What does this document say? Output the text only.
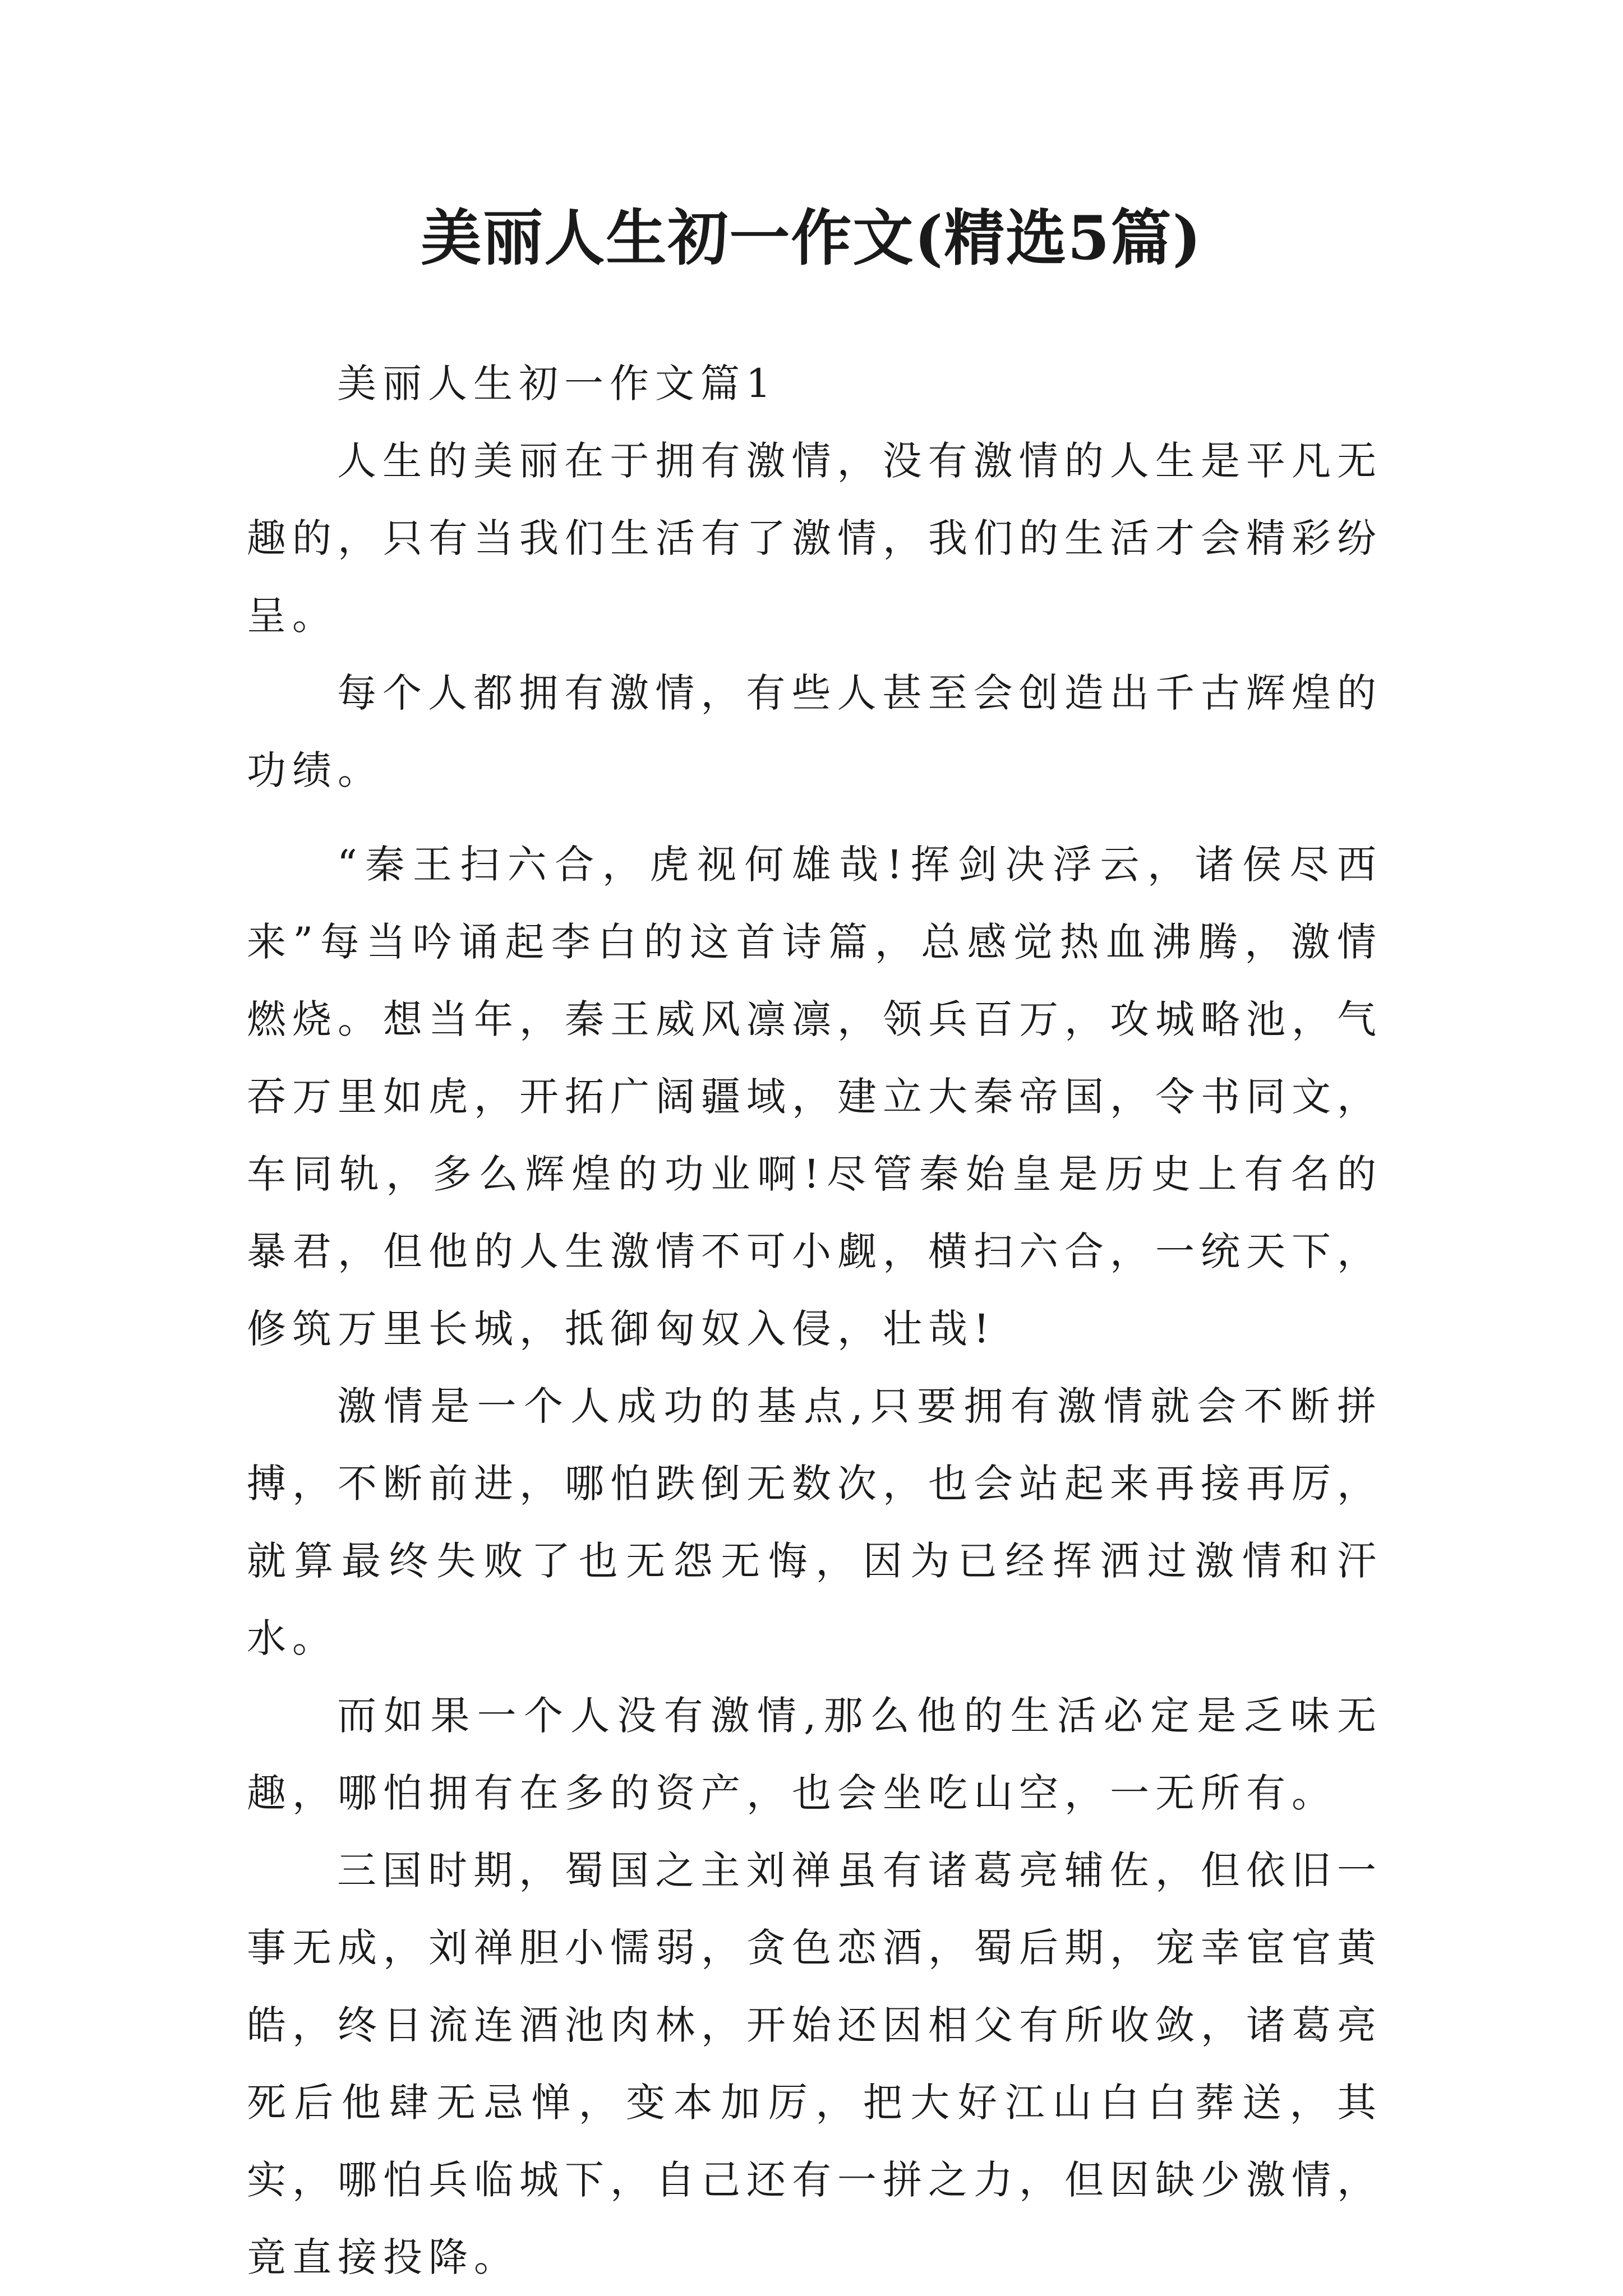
美丽人生初一作文(精选5篇)

美丽人生初一作文篇1

人生的美丽在于拥有激情，没有激情的人生是平凡无趣的，只有当我们生活有了激情，我们的生活才会精彩纷呈。

每个人都拥有激情，有些人甚至会创造出千古辉煌的功绩。

“秦王扫六合，虎视何雄哉!挥剑决浮云，诸侯尽西来”每当吟诵起李白的这首诗篇，总感觉热血沸腾，激情燃烧。想当年，秦王威风凛凛，领兵百万，攻城略池，气吞万里如虎，开拓广阔疆域，建立大秦帝国，令书同文，车同轨，多么辉煌的功业啊!尽管秦始皇是历史上有名的暴君，但他的人生激情不可小觑，横扫六合，一统天下，修筑万里长城，抵御匈奴入侵，壮哉!

激情是一个人成功的基点,只要拥有激情就会不断拼搏，不断前进，哪怕跌倒无数次，也会站起来再接再厉，就算最终失败了也无怨无悔，因为已经挥洒过激情和汗水。

而如果一个人没有激情,那么他的生活必定是乏味无趣，哪怕拥有在多的资产，也会坐吃山空，一无所有。

三国时期，蜀国之主刘禅虽有诸葛亮辅佐，但依旧一事无成，刘禅胆小懦弱，贪色恋酒，蜀后期，宠幸宦官黄皓，终日流连酒池肉林，开始还因相父有所收敛，诸葛亮死后他肆无忌惮，变本加厉，把大好江山白白葬送，其实，哪怕兵临城下，自己还有一拼之力，但因缺少激情，竟直接投降。
